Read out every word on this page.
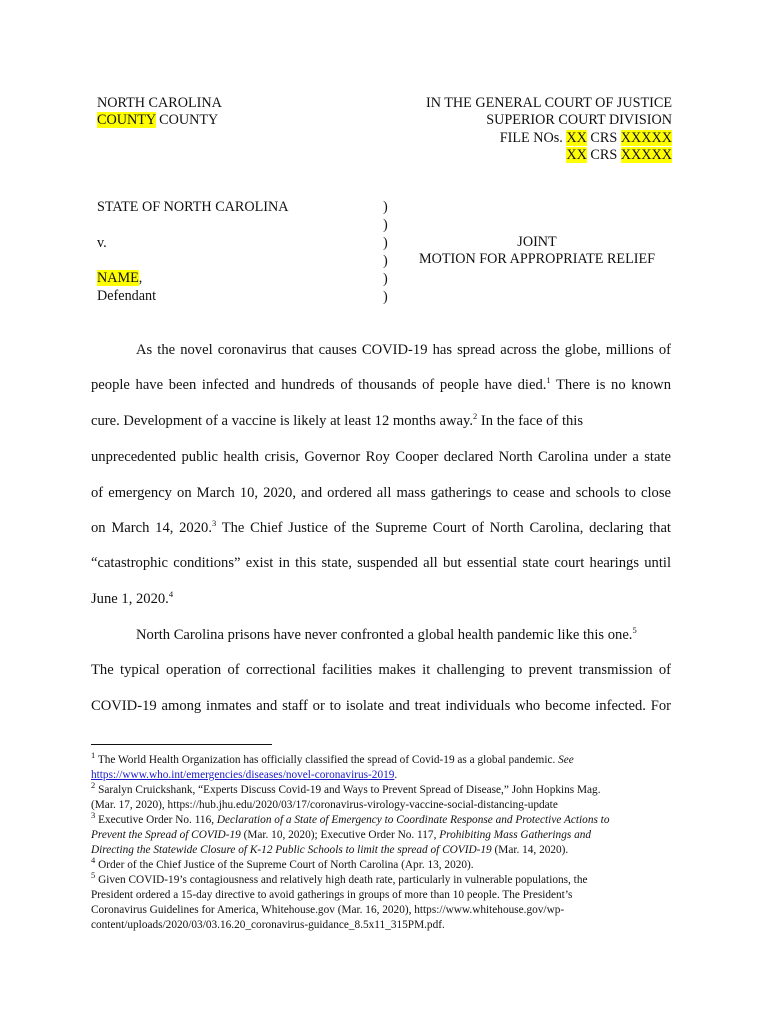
NORTH CAROLINA
COUNTY COUNTY
IN THE GENERAL COURT OF JUSTICE
SUPERIOR COURT DIVISION
FILE NOs. XX CRS XXXXX
XX CRS XXXXX
STATE OF NORTH CAROLINA
v.
NAME,
Defendant
)
)
)
)
)
)
JOINT
MOTION FOR APPROPRIATE RELIEF
As the novel coronavirus that causes COVID-19 has spread across the globe, millions of
people have been infected and hundreds of thousands of people have died.$^1$ There is no known
cure. Development of a vaccine is likely at least 12 months away.$^2$ In the face of this
unprecedented public health crisis, Governor Roy Cooper declared North Carolina under a state
of emergency on March 10, 2020, and ordered all mass gatherings to cease and schools to close
on March 14, 2020.$^3$ The Chief Justice of the Supreme Court of North Carolina, declaring that
“catastrophic conditions” exist in this state, suspended all but essential state court hearings until
June 1, 2020.$^4$
North Carolina prisons have never confronted a global health pandemic like this one.$^5$
The typical operation of correctional facilities makes it challenging to prevent transmission of
COVID-19 among inmates and staff or to isolate and treat individuals who become infected. For
$^1$ The World Health Organization has officially classified the spread of Covid-19 as a global pandemic. See
https://www.who.int/emergencies/diseases/novel-coronavirus-2019.
$^2$ Saralyn Cruickshank, “Experts Discuss Covid-19 and Ways to Prevent Spread of Disease,” John Hopkins Mag.
(Mar. 17, 2020), https://hub.jhu.edu/2020/03/17/coronavirus-virology-vaccine-social-distancing-update
$^3$ Executive Order No. 116, Declaration of a State of Emergency to Coordinate Response and Protective Actions to
Prevent the Spread of COVID-19 (Mar. 10, 2020); Executive Order No. 117, Prohibiting Mass Gatherings and
Directing the Statewide Closure of K-12 Public Schools to limit the spread of COVID-19 (Mar. 14, 2020).
$^4$ Order of the Chief Justice of the Supreme Court of North Carolina (Apr. 13, 2020).
$^5$ Given COVID-19’s contagiousness and relatively high death rate, particularly in vulnerable populations, the
President ordered a 15-day directive to avoid gatherings in groups of more than 10 people. The President’s
Coronavirus Guidelines for America, Whitehouse.gov (Mar. 16, 2020), https://www.whitehouse.gov/wp-
content/uploads/2020/03/03.16.20_coronavirus-guidance_8.5x11_315PM.pdf.
